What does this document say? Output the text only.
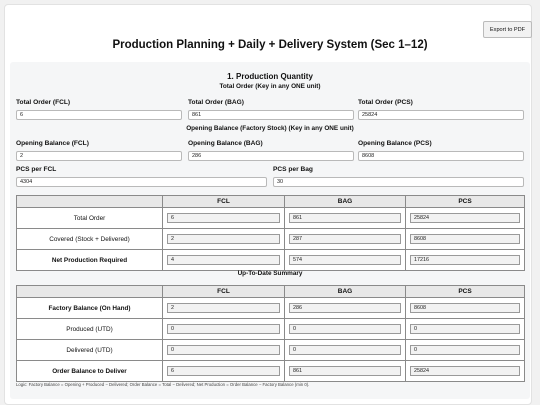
Export to PDF
Production Planning + Daily + Delivery System (Sec 1–12)
1. Production Quantity
Total Order (Key in any ONE unit)
Total Order (FCL)
6
Total Order (BAG)
861
Total Order (PCS)
25824
Opening Balance (Factory Stock) (Key in any ONE unit)
Opening Balance (FCL)
2
Opening Balance (BAG)
286
Opening Balance (PCS)
8608
PCS per FCL
4304
PCS per Bag
30
	FCL	BAG	PCS
Total Order	6	861	25824

Covered (Stock + Delivered)	2	287	8608

Net Production Required	4	574	17216
Up-To-Date Summary
	FCL	BAG	PCS
Factory Balance (On Hand)	2	286	8608

Produced (UTD)	0	0	0

Delivered (UTD)	0	0	0

Order Balance to Deliver	6	861	25824
Logic: Factory Balance = Opening + Produced − Delivered; Order Balance = Total − Delivered; Net Production = Order Balance − Factory Balance (min 0).
